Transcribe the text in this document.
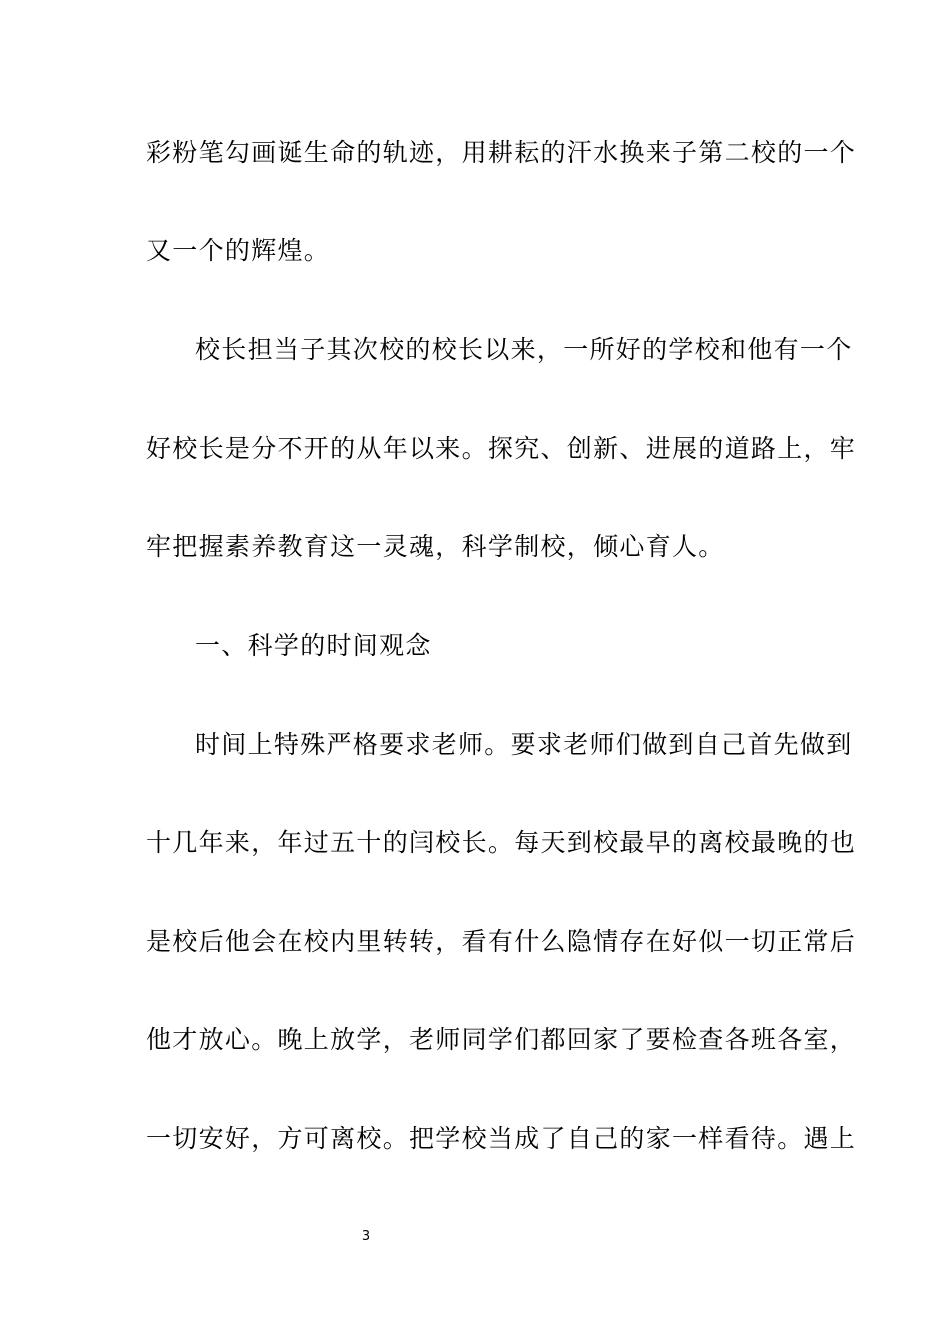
彩粉笔勾画诞生命的轨迹，用耕耘的汗水换来子第二校的一个
又一个的辉煌。
校长担当子其次校的校长以来，一所好的学校和他有一个
好校长是分不开的从年以来。探究、创新、进展的道路上，牢
牢把握素养教育这一灵魂，科学制校，倾心育人。
一、科学的时间观念
时间上特殊严格要求老师。要求老师们做到自己首先做到
十几年来，年过五十的闫校长。每天到校最早的离校最晚的也
是校后他会在校内里转转，看有什么隐情存在好似一切正常后
他才放心。晚上放学，老师同学们都回家了要检查各班各室，
一切安好，方可离校。把学校当成了自己的家一样看待。遇上
3
